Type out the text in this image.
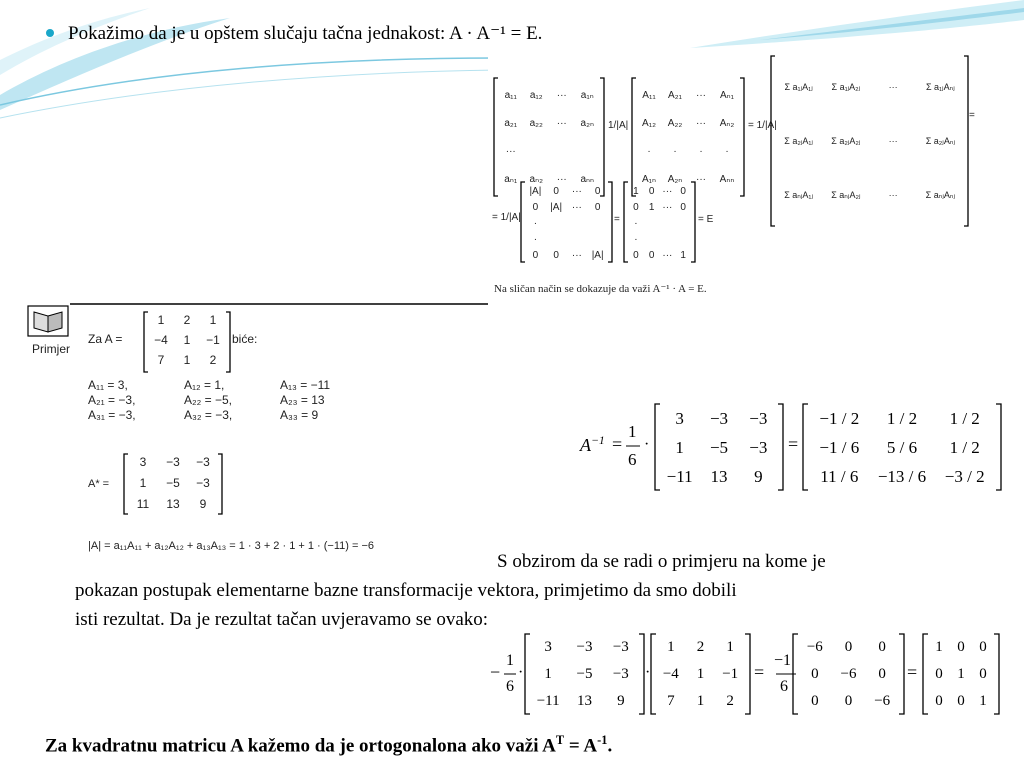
Pokažimo da je u opštem slučaju tačna jednakost: A · A⁻¹ = E.
a₁₁	a₁₂	···	a₁ₙ
a₂₁	a₂₂	···	a₂ₙ
···
aₙ₁	aₙ₂	···	aₙₙ
1/|A|
A₁₁	A₂₁	···	Aₙ₁
A₁₂	A₂₂	···	Aₙ₂
·	·	·	·
A₁ₙ	A₂ₙ	···	Aₙₙ
= 1/|A|
Σ a₁ⱼA₁ⱼ	Σ a₁ⱼA₂ⱼ	···	Σ a₁ⱼAₙⱼ
Σ a₂ⱼA₁ⱼ	Σ a₂ⱼA₂ⱼ	···	Σ a₂ⱼAₙⱼ
Σ aₙⱼA₁ⱼ	Σ aₙⱼA₂ⱼ	···	Σ aₙⱼAₙⱼ
=
= 1/|A|
|A|	0	···	0
0	|A| ···	0
·
·
0	0	··· |A|
=
1	0 ··· 0
0	1 ··· 0
·
·
0	0 ··· 1
= E
Na sličan način se dokazuje da važi A⁻¹ · A = E.
Primjer
Za A =
1	2	1
−4	1	−1
7	1	2
biće:
A₁₁ = 3,	A₁₂ = 1,	A₁₃ = −11
A₂₁ = −3,	A₂₂ = −5,	A₂₃ = 13
A₃₁ = −3,	A₃₂ = −3,	A₃₃ = 9
A* =
3	−3	−3
1	−5	−3
11	13	9
|A| = a₁₁A₁₁ + a₁₂A₁₂ + a₁₃A₁₃ = 1 · 3 + 2 · 1 + 1 · (−11) = −6
$A^{-1}$ =
1
6
·	=
3	−3	−3
1	−5	−3
−11	13	9
−1 / 2	1 / 2	1 / 2
−1 / 6	5 / 6	1 / 2
11 / 6	−13 / 6	−3 / 2
S obzirom da se radi o primjeru na kome je
pokazan postupak elementarne bazne transformacije vektora, primjetimo da smo dobili
isti rezultat. Da je rezultat tačan uvjeravamo se ovako:
−
1
6
·	·	=
−1
6
=
3	−3	−3
1	−5	−3
−11	13	9
1	2	1
−4	1	−1
7	1	2
−6	0	0
0	−6	0
0	0	−6
1 0 0
0 1 0
0 0 1
Za kvadratnu matricu A kažemo da je ortogonalona ako važi $A^T = A^{-1}$.
